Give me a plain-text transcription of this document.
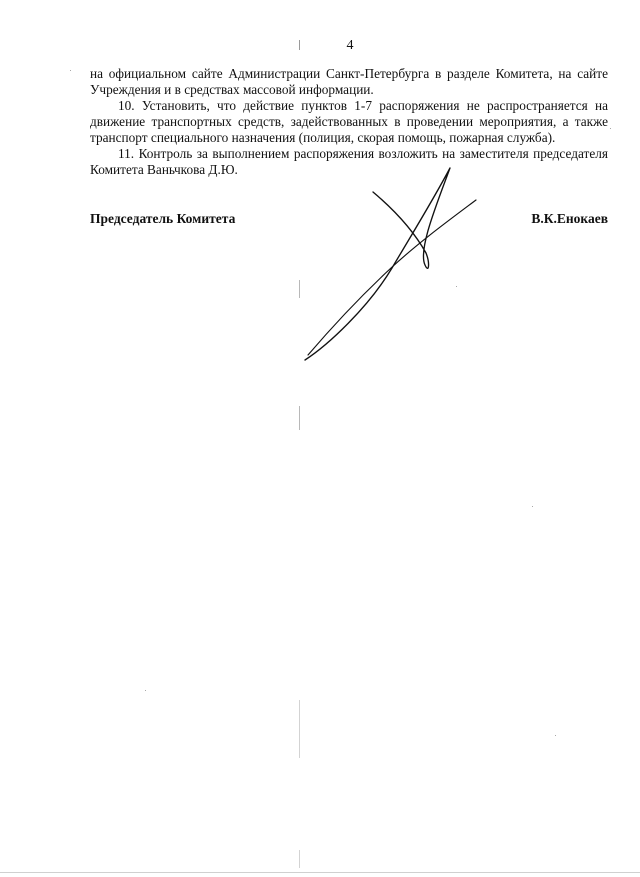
4

на официальном сайте Администрации Санкт-Петербурга в разделе Комитета, на сайте Учреждения и в средствах массовой информации.

10. Установить, что действие пунктов 1-7 распоряжения не распространяется на движение транспортных средств, задействованных в проведении мероприятия, а также транспорт специального назначения (полиция, скорая помощь, пожарная служба).

11. Контроль за выполнением распоряжения возложить на заместителя председателя Комитета Ваньчкова Д.Ю.

Председатель Комитета	В.К.Енокаев
